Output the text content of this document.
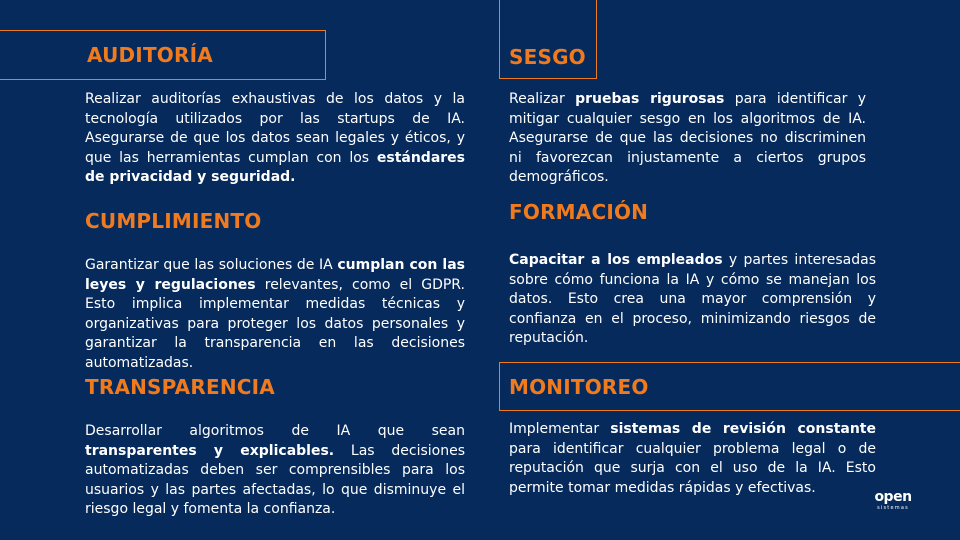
AUDITORÍA
Realizar auditorías exhaustivas de los datos y la tecnología utilizados por las startups de IA. Asegurarse de que los datos sean legales y éticos, y que las herramientas cumplan con los estándares de privacidad y seguridad.
CUMPLIMIENTO
Garantizar que las soluciones de IA cumplan con las leyes y regulaciones relevantes, como el GDPR. Esto implica implementar medidas técnicas y organizativas para proteger los datos personales y garantizar la transparencia en las decisiones automatizadas.
TRANSPARENCIA
Desarrollar algoritmos de IA que sean transparentes y explicables. Las decisiones automatizadas deben ser comprensibles para los usuarios y las partes afectadas, lo que disminuye el riesgo legal y fomenta la confianza.
SESGO
Realizar pruebas rigurosas para identificar y mitigar cualquier sesgo en los algoritmos de IA. Asegurarse de que las decisiones no discriminen ni favorezcan injustamente a ciertos grupos demográficos.
FORMACIÓN
Capacitar a los empleados y partes interesadas sobre cómo funciona la IA y cómo se manejan los datos. Esto crea una mayor comprensión y confianza en el proceso, minimizando riesgos de reputación.
MONITOREO
Implementar sistemas de revisión constante para identificar cualquier problema legal o de reputación que surja con el uso de la IA. Esto permite tomar medidas rápidas y efectivas.
open
sistemas
